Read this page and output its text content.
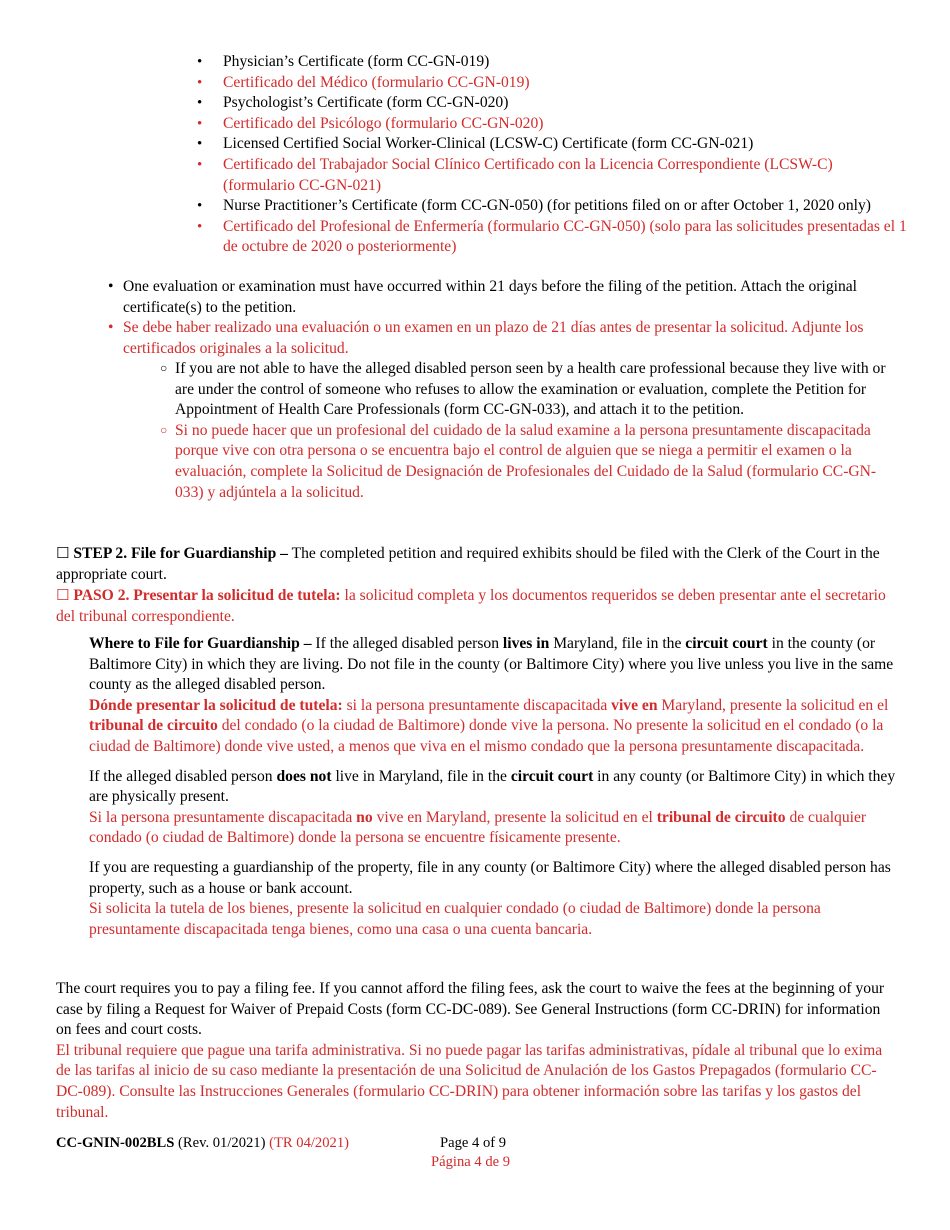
• Physician’s Certificate (form CC-GN-019)
• Certificado del Médico (formulario CC-GN-019)
• Psychologist’s Certificate (form CC-GN-020)
• Certificado del Psicólogo (formulario CC-GN-020)
• Licensed Certified Social Worker-Clinical (LCSW-C) Certificate (form CC-GN-021)
• Certificado del Trabajador Social Clínico Certificado con la Licencia Correspondiente (LCSW-C) (formulario CC-GN-021)
• Nurse Practitioner’s Certificate (form CC-GN-050) (for petitions filed on or after October 1, 2020 only)
• Certificado del Profesional de Enfermería (formulario CC-GN-050) (solo para las solicitudes presentadas el 1 de octubre de 2020 o posteriormente)
• One evaluation or examination must have occurred within 21 days before the filing of the petition. Attach the original certificate(s) to the petition.
• Se debe haber realizado una evaluación o un examen en un plazo de 21 días antes de presentar la solicitud. Adjunte los certificados originales a la solicitud.
○ If you are not able to have the alleged disabled person seen by a health care professional because they live with or are under the control of someone who refuses to allow the examination or evaluation, complete the Petition for Appointment of Health Care Professionals (form CC-GN-033), and attach it to the petition.
○ Si no puede hacer que un profesional del cuidado de la salud examine a la persona presuntamente discapacitada porque vive con otra persona o se encuentra bajo el control de alguien que se niega a permitir el examen o la evaluación, complete la Solicitud de Designación de Profesionales del Cuidado de la Salud (formulario CC-GN-033) y adjúntela a la solicitud.
☐ STEP 2. File for Guardianship – The completed petition and required exhibits should be filed with the Clerk of the Court in the appropriate court.
☐ PASO 2. Presentar la solicitud de tutela: la solicitud completa y los documentos requeridos se deben presentar ante el secretario del tribunal correspondiente.

Where to File for Guardianship – If the alleged disabled person lives in Maryland, file in the circuit court in the county (or Baltimore City) in which they are living. Do not file in the county (or Baltimore City) where you live unless you live in the same county as the alleged disabled person.
Dónde presentar la solicitud de tutela: si la persona presuntamente discapacitada vive en Maryland, presente la solicitud en el tribunal de circuito del condado (o la ciudad de Baltimore) donde vive la persona. No presente la solicitud en el condado (o la ciudad de Baltimore) donde vive usted, a menos que viva en el mismo condado que la persona presuntamente discapacitada.

If the alleged disabled person does not live in Maryland, file in the circuit court in any county (or Baltimore City) in which they are physically present.
Si la persona presuntamente discapacitada no vive en Maryland, presente la solicitud en el tribunal de circuito de cualquier condado (o ciudad de Baltimore) donde la persona se encuentre físicamente presente.

If you are requesting a guardianship of the property, file in any county (or Baltimore City) where the alleged disabled person has property, such as a house or bank account.
Si solicita la tutela de los bienes, presente la solicitud en cualquier condado (o ciudad de Baltimore) donde la persona presuntamente discapacitada tenga bienes, como una casa o una cuenta bancaria.

The court requires you to pay a filing fee. If you cannot afford the filing fees, ask the court to waive the fees at the beginning of your case by filing a Request for Waiver of Prepaid Costs (form CC-DC-089). See General Instructions (form CC-DRIN) for information on fees and court costs.
El tribunal requiere que pague una tarifa administrativa. Si no puede pagar las tarifas administrativas, pídale al tribunal que lo exima de las tarifas al inicio de su caso mediante la presentación de una Solicitud de Anulación de los Gastos Prepagados (formulario CC-DC-089). Consulte las Instrucciones Generales (formulario CC-DRIN) para obtener información sobre las tarifas y los gastos del tribunal.
CC-GNIN-002BLS (Rev. 01/2021) (TR 04/2021)	Page 4 of 9
Página 4 de 9
